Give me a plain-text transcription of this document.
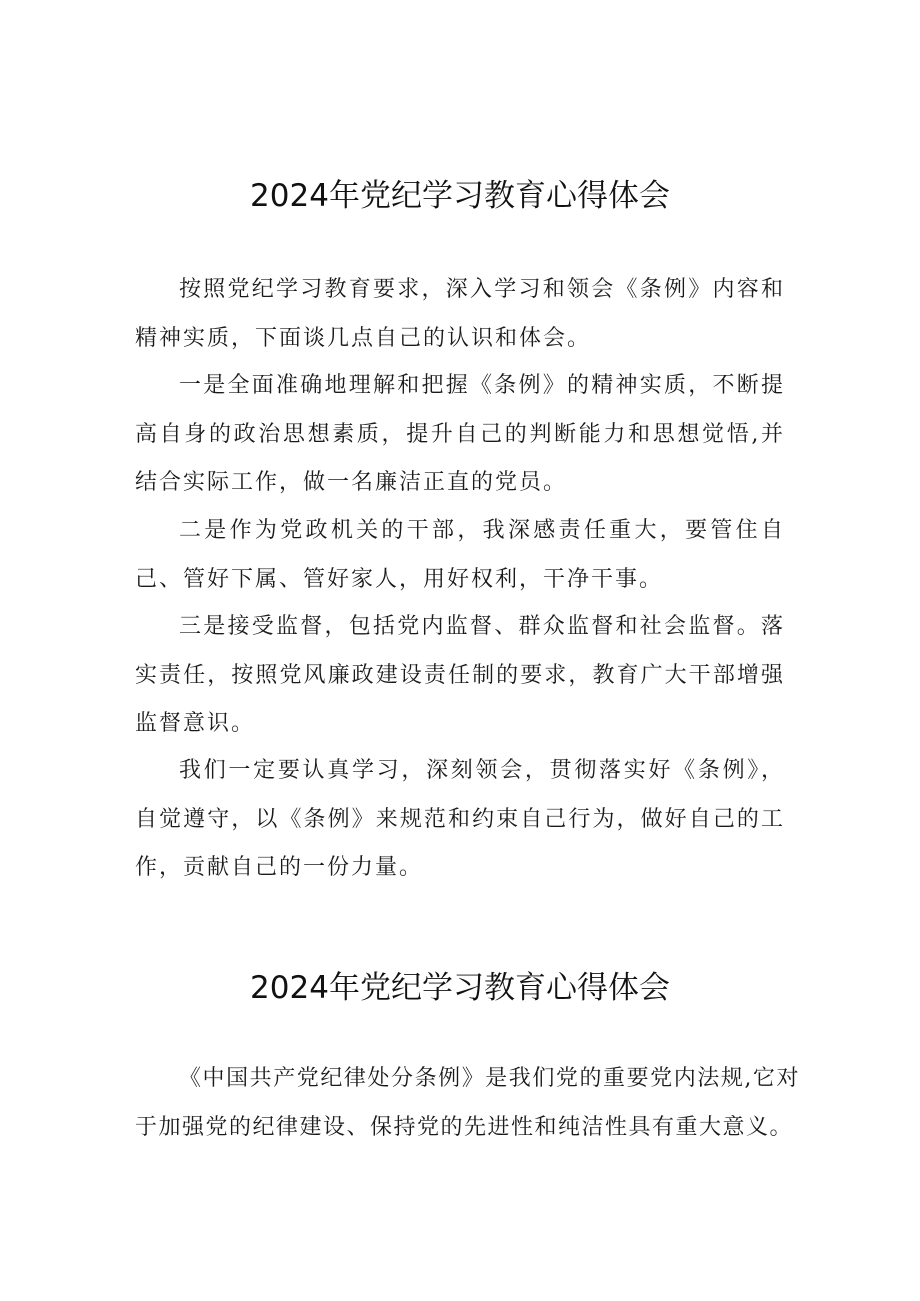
2024年党纪学习教育心得体会

按照党纪学习教育要求，深入学习和领会《条例》内容和精神实质，下面谈几点自己的认识和体会。

一是全面准确地理解和把握《条例》的精神实质，不断提高自身的政治思想素质，提升自己的判断能力和思想觉悟,并结合实际工作，做一名廉洁正直的党员。

二是作为党政机关的干部，我深感责任重大，要管住自己、管好下属、管好家人，用好权利，干净干事。

三是接受监督，包括党内监督、群众监督和社会监督。落实责任，按照党风廉政建设责任制的要求，教育广大干部增强监督意识。

我们一定要认真学习，深刻领会，贯彻落实好《条例》，自觉遵守，以《条例》来规范和约束自己行为，做好自己的工作，贡献自己的一份力量。

2024年党纪学习教育心得体会

《中国共产党纪律处分条例》是我们党的重要党内法规,它对于加强党的纪律建设、保持党的先进性和纯洁性具有重大意义。
